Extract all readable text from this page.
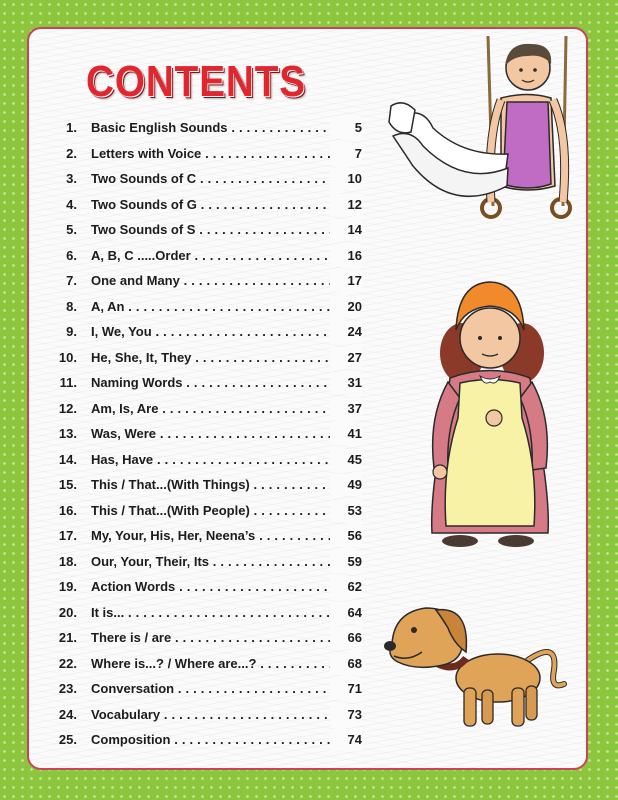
CONTENTS
1. Basic English Sounds . . .	5
2. Letters with Voice . . .	7
3. Two Sounds of C . . .	10
4. Two Sounds of G . . .	12
5. Two Sounds of S . . .	14
6. A, B, C .....Order . . .	16
7. One and Many . . .	17
8. A, An . . .	20
9. I, We, You . . .	24
10. He, She, It, They . . .	27
11. Naming Words . . .	31
12. Am, Is, Are . . .	37
13. Was, Were . . .	41
14. Has, Have . . .	45
15. This / That...(With Things) . . .	49
16. This / That...(With People) . . .	53
17. My, Your, His, Her, Neena’s . . .	56
18. Our, Your, Their, Its . . .	59
19. Action Words . . .	62
20. It is... . . .	64
21. There is / are . . .	66
22. Where is...? / Where are...? . . .	68
23. Conversation . . .	71
24. Vocabulary . . .	73
25. Composition . . .	74
